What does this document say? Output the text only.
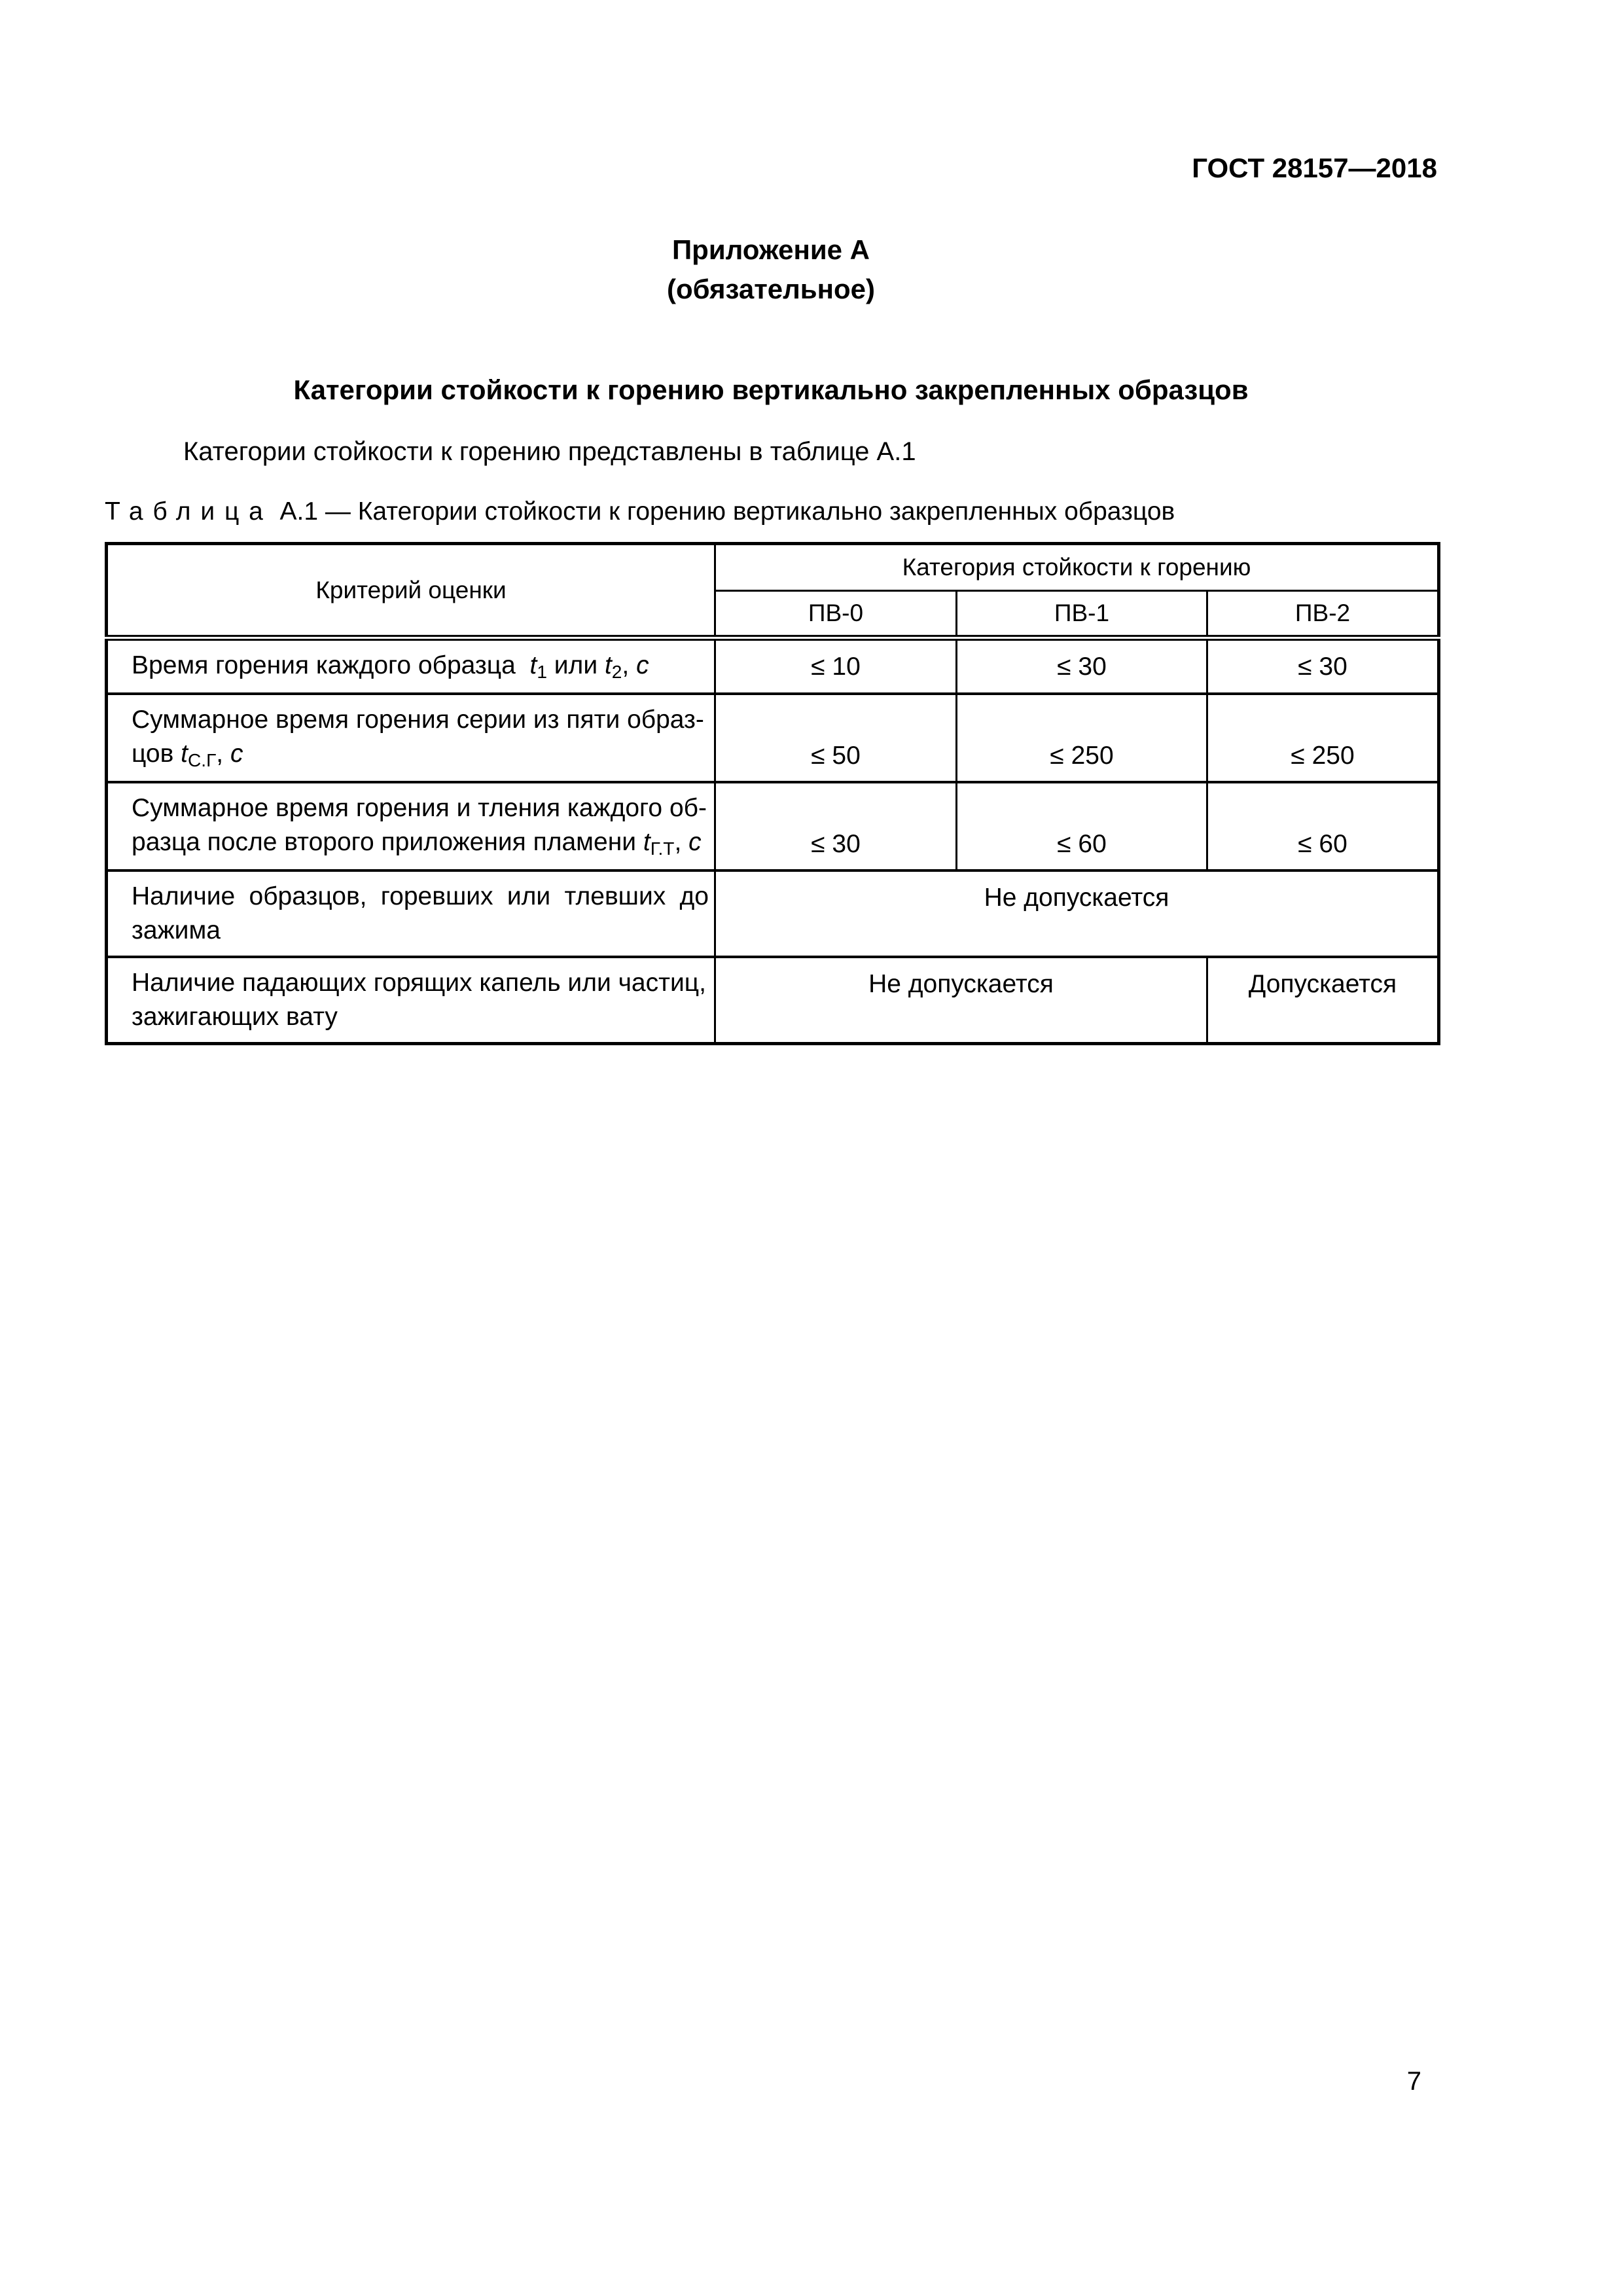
ГОСТ 28157—2018
Приложение А
(обязательное)
Категории стойкости к горению вертикально закрепленных образцов
Категории стойкости к горению представлены в таблице А.1
Таблица А.1 — Категории стойкости к горению вертикально закрепленных образцов
Критерий оценки	Категория стойкости к горению		
	ПВ-0	ПВ-1	ПВ-2
Время горения каждого образца  t1 или t2, с	≤ 10	≤ 30	≤ 30
Суммарное время горения серии из пяти образ-
цов tС.Г, с	≤ 50	≤ 250	≤ 250
Суммарное время горения и тления каждого об-
разца после второго приложения пламени tГ.Т, с	≤ 30	≤ 60	≤ 60

Наличие образцов, горевших или тлевших до
зажима	Не допускается		
Наличие падающих горящих капель или частиц,
зажигающих вату	Не допускается		Допускается
7
